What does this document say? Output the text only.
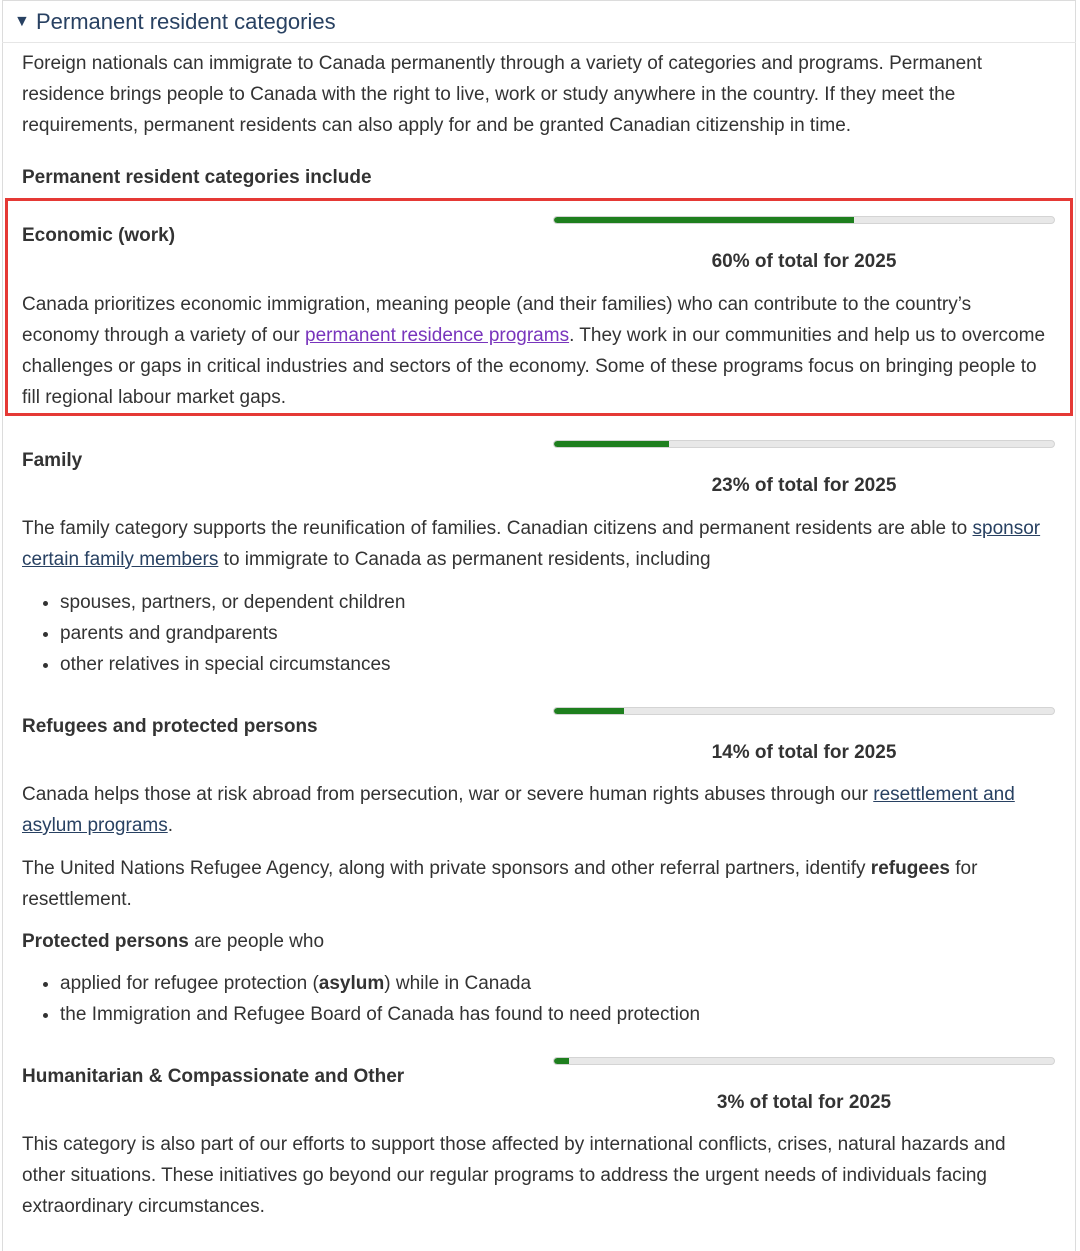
▼ Permanent resident categories

Foreign nationals can immigrate to Canada permanently through a variety of categories and programs. Permanent residence brings people to Canada with the right to live, work or study anywhere in the country. If they meet the requirements, permanent residents can also apply for and be granted Canadian citizenship in time.

Permanent resident categories include
Economic (work)
60% of total for 2025

Canada prioritizes economic immigration, meaning people (and their families) who can contribute to the country’s economy through a variety of our permanent residence programs. They work in our communities and help us to overcome challenges or gaps in critical industries and sectors of the economy. Some of these programs focus on bringing people to fill regional labour market gaps.

Family
23% of total for 2025

The family category supports the reunification of families. Canadian citizens and permanent residents are able to sponsor certain family members to immigrate to Canada as permanent residents, including

• spouses, partners, or dependent children
• parents and grandparents
• other relatives in special circumstances
Refugees and protected persons
14% of total for 2025

Canada helps those at risk abroad from persecution, war or severe human rights abuses through our resettlement and asylum programs.

The United Nations Refugee Agency, along with private sponsors and other referral partners, identify refugees for resettlement.

Protected persons are people who

• applied for refugee protection (asylum) while in Canada
• the Immigration and Refugee Board of Canada has found to need protection
Humanitarian & Compassionate and Other
3% of total for 2025

This category is also part of our efforts to support those affected by international conflicts, crises, natural hazards and other situations. These initiatives go beyond our regular programs to address the urgent needs of individuals facing extraordinary circumstances.
